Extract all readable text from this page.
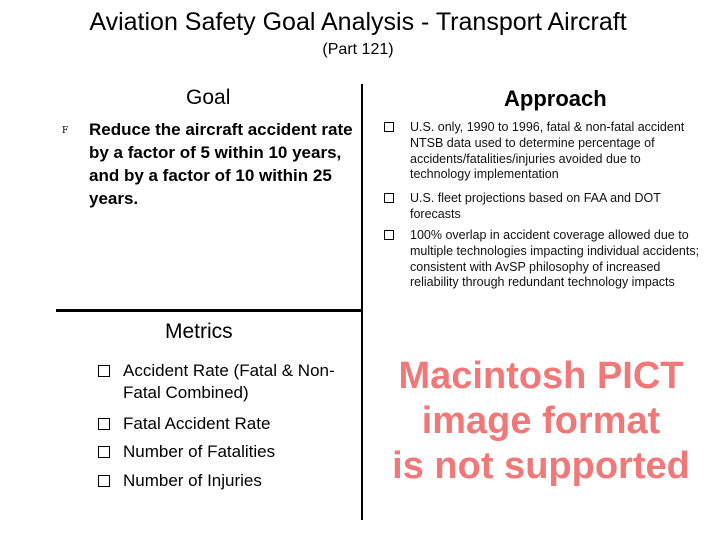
Aviation Safety Goal Analysis - Transport Aircraft
(Part 121)
Goal
F Reduce the aircraft accident rate by a factor of 5 within 10 years, and by a factor of 10 within 25 years.
Approach
U.S. only, 1990 to 1996, fatal & non-fatal accident NTSB data used to determine percentage of accidents/fatalities/injuries avoided due to technology implementation
U.S. fleet projections based on FAA and DOT forecasts
100% overlap in accident coverage allowed due to multiple technologies impacting individual accidents; consistent with AvSP philosophy of increased reliability through redundant technology impacts
Metrics
Accident Rate (Fatal & Non-Fatal Combined)
Fatal Accident Rate
Number of Fatalities
Number of Injuries
Macintosh PICT
image format
is not supported
